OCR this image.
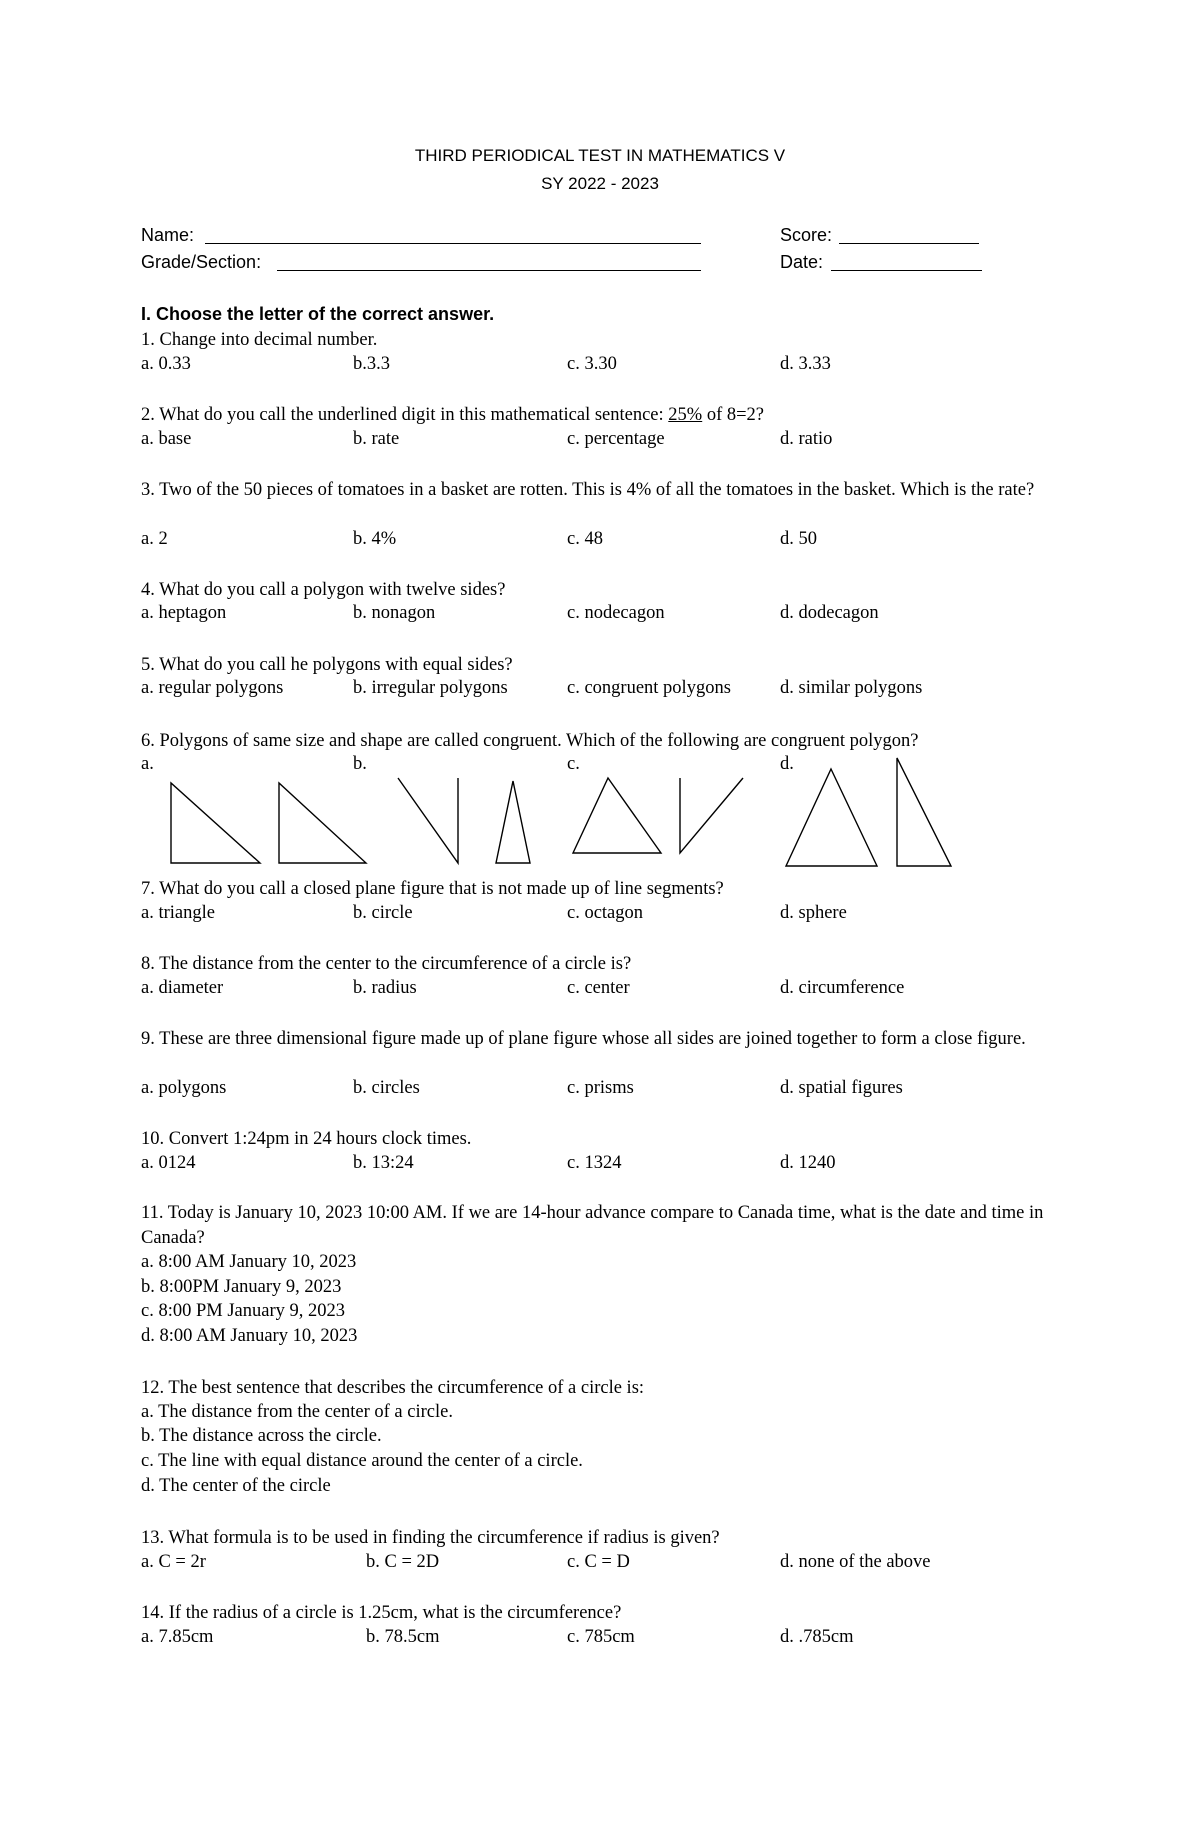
THIRD PERIODICAL TEST IN MATHEMATICS V
SY 2022 - 2023
Name:	Score:
Grade/Section:	Date:
I. Choose the letter of the correct answer.
1. Change into decimal number.
a. 0.33	b.3.3	c. 3.30	d. 3.33
2. What do you call the underlined digit in this mathematical sentence: 25% of 8=2?
a. base	b. rate	c. percentage	d. ratio
3. Two of the 50 pieces of tomatoes in a basket are rotten. This is 4% of all the tomatoes in the basket. Which is the rate?
a. 2	b. 4%	c. 48	d. 50
4. What do you call a polygon with twelve sides?
a. heptagon	b. nonagon	c. nodecagon	d. dodecagon
5. What do you call he polygons with equal sides?
a. regular polygons	b. irregular polygons	c. congruent polygons	d. similar polygons
6. Polygons of same size and shape are called congruent. Which of the following are congruent polygon?
a.	b.	c.	d.
7. What do you call a closed plane figure that is not made up of line segments?
a. triangle	b. circle	c. octagon	d. sphere
8. The distance from the center to the circumference of a circle is?
a. diameter	b. radius	c. center	d. circumference
9. These are three dimensional figure made up of plane figure whose all sides are joined together to form a close figure.
a. polygons	b. circles	c. prisms	d. spatial figures
10. Convert 1:24pm in 24 hours clock times.
a. 0124	b. 13:24	c. 1324	d. 1240
11. Today is January 10, 2023 10:00 AM. If we are 14-hour advance compare to Canada time, what is the date and time in Canada?
a. 8:00 AM January 10, 2023
b. 8:00PM January 9, 2023
c. 8:00 PM January 9, 2023
d. 8:00 AM January 10, 2023
12. The best sentence that describes the circumference of a circle is:
a. The distance from the center of a circle.
b. The distance across the circle.
c. The line with equal distance around the center of a circle.
d. The center of the circle
13. What formula is to be used in finding the circumference if radius is given?
a. C = 2r	b. C = 2D	c. C = D	d. none of the above
14. If the radius of a circle is 1.25cm, what is the circumference?
a. 7.85cm	b. 78.5cm	c. 785cm	d. .785cm
